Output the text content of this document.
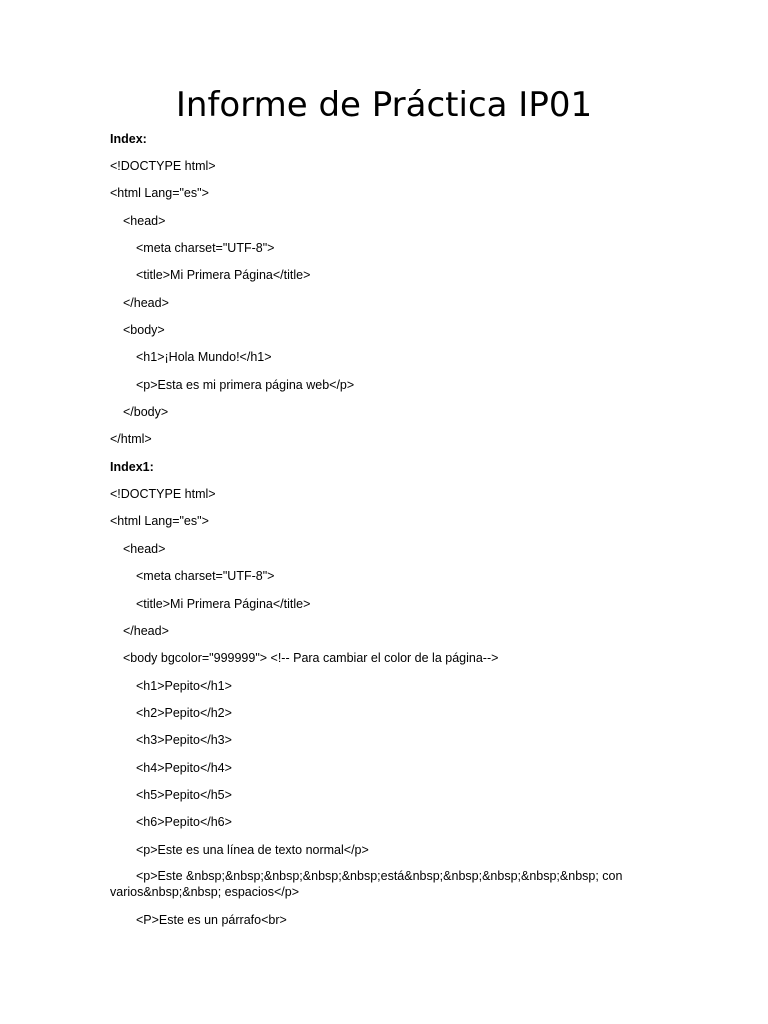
Informe de Práctica IP01

Index:

<!DOCTYPE html>

<html Lang="es">

<head>

<meta charset="UTF-8">

<title>Mi Primera Página</title>

</head>

<body>

<h1>¡Hola Mundo!</h1>

<p>Esta es mi primera página web</p>

</body>

</html>

Index1:

<!DOCTYPE html>

<html Lang="es">

<head>

<meta charset="UTF-8">

<title>Mi Primera Página</title>

</head>

<body bgcolor="999999"> <!-- Para cambiar el color de la página-->

<h1>Pepito</h1>

<h2>Pepito</h2>

<h3>Pepito</h3>

<h4>Pepito</h4>

<h5>Pepito</h5>

<h6>Pepito</h6>

<p>Este es una línea de texto normal</p>

<p>Este &nbsp;&nbsp;&nbsp;&nbsp;&nbsp;está&nbsp;&nbsp;&nbsp;&nbsp;&nbsp; con varios&nbsp;&nbsp; espacios</p>

<P>Este es un párrafo<br>
